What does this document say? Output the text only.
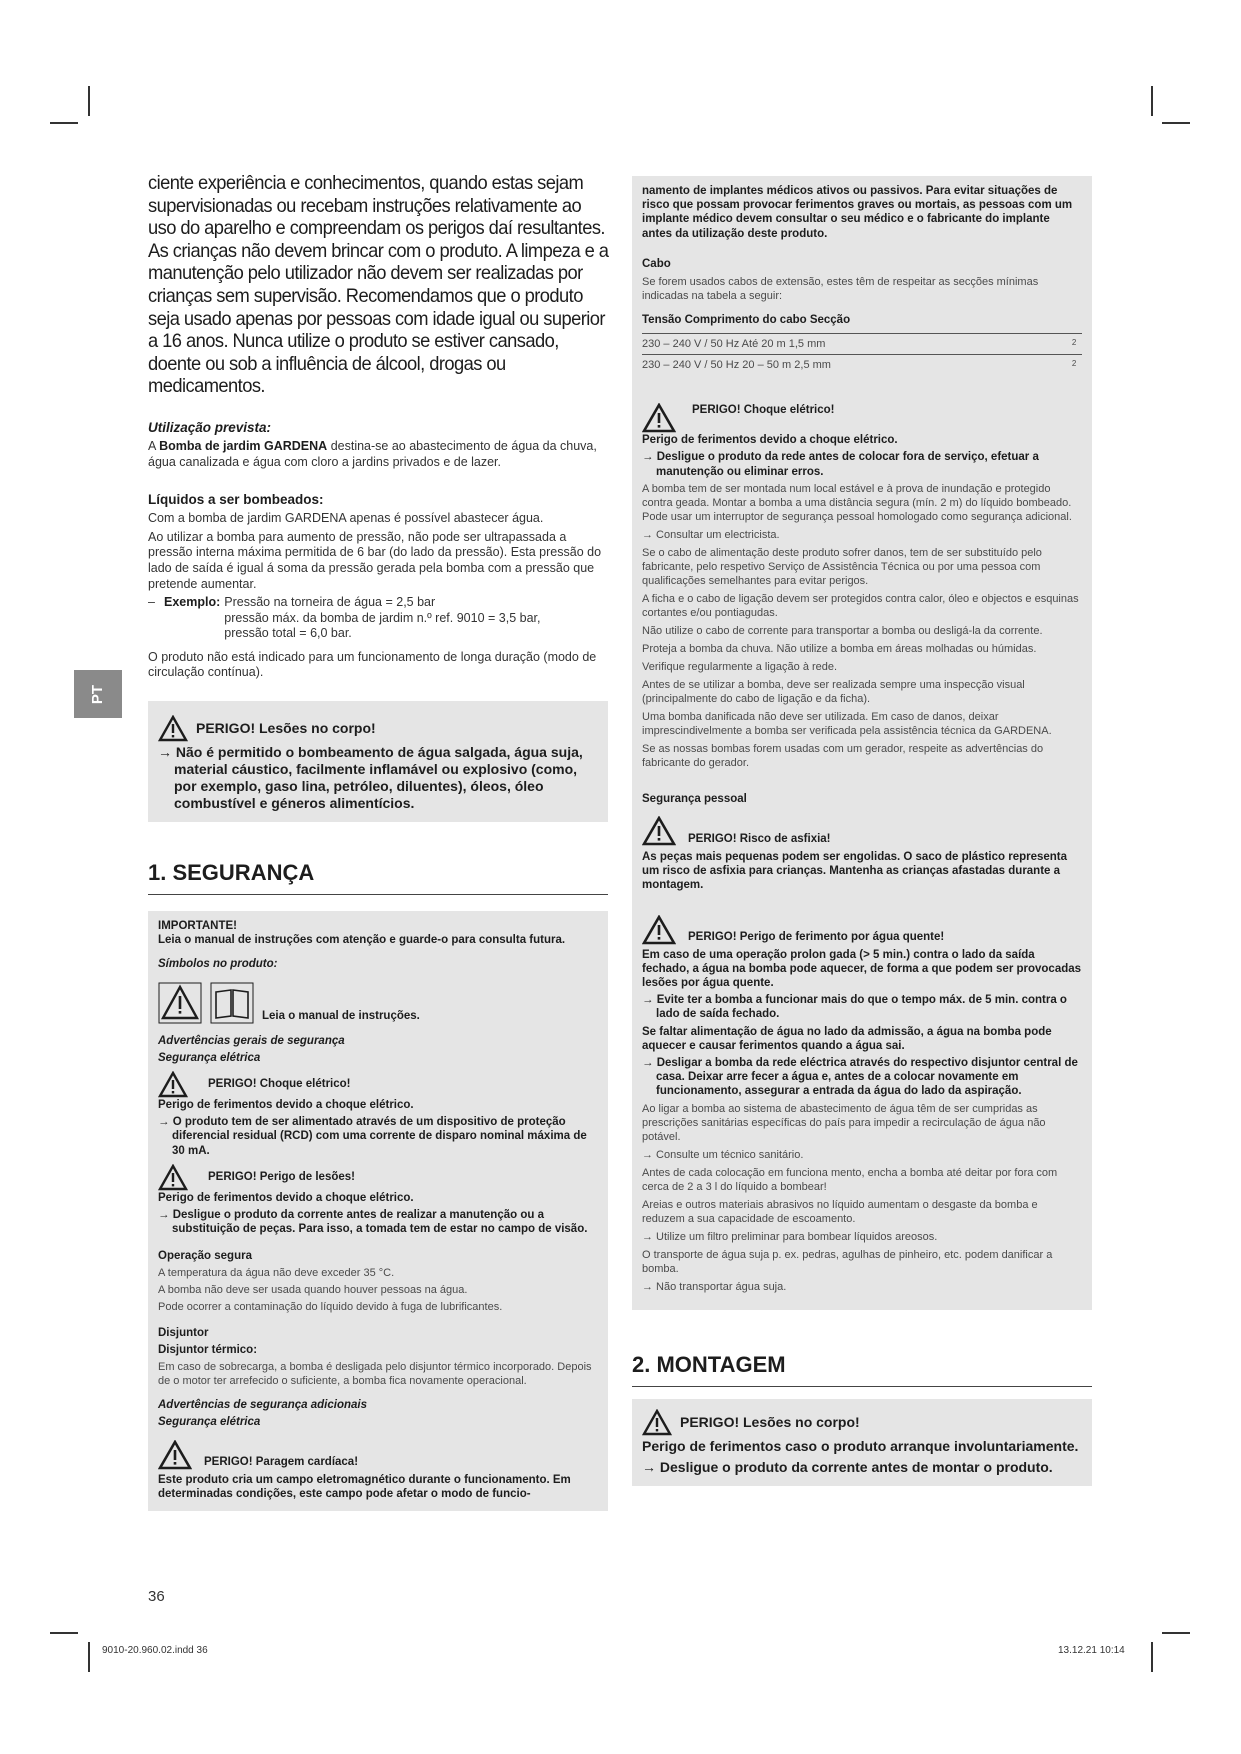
PT
ciente experiência e conhecimentos, quando estas sejam supervisionadas ou recebam instruções relativamente ao uso do aparelho e compreendam os perigos daí resultantes. As crianças não devem brincar com o produto. A limpeza e a manutenção pelo utilizador não devem ser realizadas por crianças sem supervisão. Recomendamos que o produto seja usado apenas por pessoas com idade igual ou superior a 16 anos. Nunca utilize o produto se estiver cansado, doente ou sob a influência de álcool, drogas ou medicamentos.

Utilização prevista:

A Bomba de jardim GARDENA destina-se ao abastecimento de água da chuva, água canalizada e água com cloro a jardins privados e de lazer.

Líquidos a ser bombeados:

Com a bomba de jardim GARDENA apenas é possível abastecer água.

Ao utilizar a bomba para aumento de pressão, não pode ser ultrapassada a pressão interna máxima permitida de 6 bar (do lado da pressão). Esta pressão do lado de saída é igual á soma da pressão gerada pela bomba com a pressão que pretende aumentar.

– Exemplo: Pressão na torneira de água = 2,5 bar
pressão máx. da bomba de jardim n.º ref. 9010 = 3,5 bar,
pressão total = 6,0 bar.

O produto não está indicado para um funcionamento de longa duração (modo de circulação contínua).

PERIGO! Lesões no corpo!
→ Não é permitido o bombeamento de água salgada, água suja, material cáustico, facilmente inflamável ou explosivo (como, por exemplo, gaso lina, petróleo, diluentes), óleos, óleo combustível e géneros alimentícios.
1. SEGURANÇA

IMPORTANTE!

Leia o manual de instruções com atenção e guarde-o para consulta futura.

Símbolos no produto:

Leia o manual de instruções.

Advertências gerais de segurança

Segurança elétrica

PERIGO! Choque elétrico!

Perigo de ferimentos devido a choque elétrico.

→ O produto tem de ser alimentado através de um dispositivo de proteção diferencial residual (RCD) com uma corrente de disparo nominal máxima de 30 mA.

PERIGO! Perigo de lesões!

Perigo de ferimentos devido a choque elétrico.

→ Desligue o produto da corrente antes de realizar a manutenção ou a substituição de peças. Para isso, a tomada tem de estar no campo de visão.

Operação segura

A temperatura da água não deve exceder 35 °C.

A bomba não deve ser usada quando houver pessoas na água.

Pode ocorrer a contaminação do líquido devido à fuga de lubrificantes.

Disjuntor

Disjuntor térmico:

Em caso de sobrecarga, a bomba é desligada pelo disjuntor térmico incorporado. Depois de o motor ter arrefecido o suficiente, a bomba fica novamente operacional.

Advertências de segurança adicionais

Segurança elétrica

PERIGO! Paragem cardíaca!

Este produto cria um campo eletromagnético durante o funcionamento. Em determinadas condições, este campo pode afetar o modo de funcio-

namento de implantes médicos ativos ou passivos. Para evitar situações de risco que possam provocar ferimentos graves ou mortais, as pessoas com um implante médico devem consultar o seu médico e o fabricante do implante antes da utilização deste produto.

Cabo

Se forem usados cabos de extensão, estes têm de respeitar as secções mínimas indicadas na tabela a seguir:

Tensão Comprimento do cabo Secção

230 – 240 V / 50 Hz Até 20 m 1,5 mm	2
230 – 240 V / 50 Hz 20 – 50 m 2,5 mm	2
PERIGO! Choque elétrico!

Perigo de ferimentos devido a choque elétrico.

→ Desligue o produto da rede antes de colocar fora de serviço, efetuar a manutenção ou eliminar erros.

A bomba tem de ser montada num local estável e à prova de inundação e protegido contra geada. Montar a bomba a uma distância segura (mín. 2 m) do líquido bombeado. Pode usar um interruptor de segurança pessoal homologado como segurança adicional.

→ Consultar um electricista.

Se o cabo de alimentação deste produto sofrer danos, tem de ser substituído pelo fabricante, pelo respetivo Serviço de Assistência Técnica ou por uma pessoa com qualificações semelhantes para evitar perigos.

A ficha e o cabo de ligação devem ser protegidos contra calor, óleo e objectos e esquinas cortantes e/ou pontiagudas.

Não utilize o cabo de corrente para transportar a bomba ou desligá-la da corrente.

Proteja a bomba da chuva. Não utilize a bomba em áreas molhadas ou húmidas.

Verifique regularmente a ligação à rede.

Antes de se utilizar a bomba, deve ser realizada sempre uma inspecção visual (principalmente do cabo de ligação e da ficha).

Uma bomba danificada não deve ser utilizada. Em caso de danos, deixar imprescindivelmente a bomba ser verificada pela assistência técnica da GARDENA.

Se as nossas bombas forem usadas com um gerador, respeite as advertências do fabricante do gerador.

Segurança pessoal

PERIGO! Risco de asfixia!

As peças mais pequenas podem ser engolidas. O saco de plástico representa um risco de asfixia para crianças. Mantenha as crianças afastadas durante a montagem.

PERIGO! Perigo de ferimento por água quente!

Em caso de uma operação prolon gada (> 5 min.) contra o lado da saída fechado, a água na bomba pode aquecer, de forma a que podem ser provocadas lesões por água quente.

→ Evite ter a bomba a funcionar mais do que o tempo máx. de 5 min. contra o lado de saída fechado.

Se faltar alimentação de água no lado da admissão, a água na bomba pode aquecer e causar ferimentos quando a água sai.

→ Desligar a bomba da rede eléctrica através do respectivo disjuntor central de casa. Deixar arre fecer a água e, antes de a colocar novamente em funcionamento, assegurar a entrada da água do lado da aspiração.

Ao ligar a bomba ao sistema de abastecimento de água têm de ser cumpridas as prescrições sanitárias específicas do país para impedir a recirculação de água não potável.

→ Consulte um técnico sanitário.

Antes de cada colocação em funciona mento, encha a bomba até deitar por fora com cerca de 2 a 3 l do líquido a bombear!

Areias e outros materiais abrasivos no líquido aumentam o desgaste da bomba e reduzem a sua capacidade de escoamento.

→ Utilize um filtro preliminar para bombear líquidos areosos.

O transporte de água suja p. ex. pedras, agulhas de pinheiro, etc. podem danificar a bomba.

→ Não transportar água suja.

2. MONTAGEM
PERIGO! Lesões no corpo!

Perigo de ferimentos caso o produto arranque involuntariamente.

→ Desligue o produto da corrente antes de montar o produto.

36
9010-20.960.02.indd 36	13.12.21 10:14
